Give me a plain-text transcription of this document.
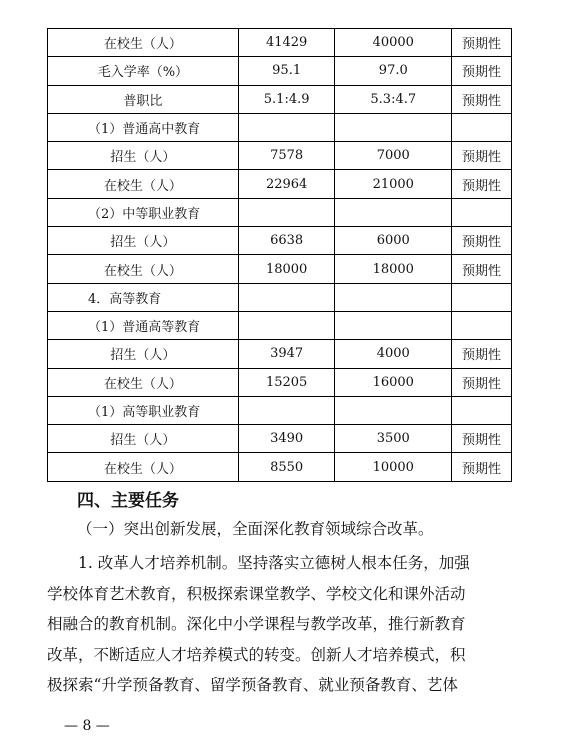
在校生（人）	41429	40000	预期性
毛入学率（%）	95.1	97.0	预期性
普职比	5.1:4.9	5.3:4.7	预期性
（1）普通高中教育			
招生（人）	7578	7000	预期性
在校生（人）	22964	21000	预期性
（2）中等职业教育			
招生（人）	6638	6000	预期性
在校生（人）	18000	18000	预期性
4．高等教育			
（1）普通高等教育			
招生（人）	3947	4000	预期性
在校生（人）	15205	16000	预期性
（1）高等职业教育			
招生（人）	3490	3500	预期性
在校生（人）	8550	10000	预期性
四、主要任务
（一）突出创新发展，全面深化教育领域综合改革。
1. 改革人才培养机制。坚持落实立德树人根本任务，加强
学校体育艺术教育，积极探索课堂教学、学校文化和课外活动
相融合的教育机制。深化中小学课程与教学改革，推行新教育
改革，不断适应人才培养模式的转变。创新人才培养模式，积
极探索“升学预备教育、留学预备教育、就业预备教育、艺体
— 8 —
